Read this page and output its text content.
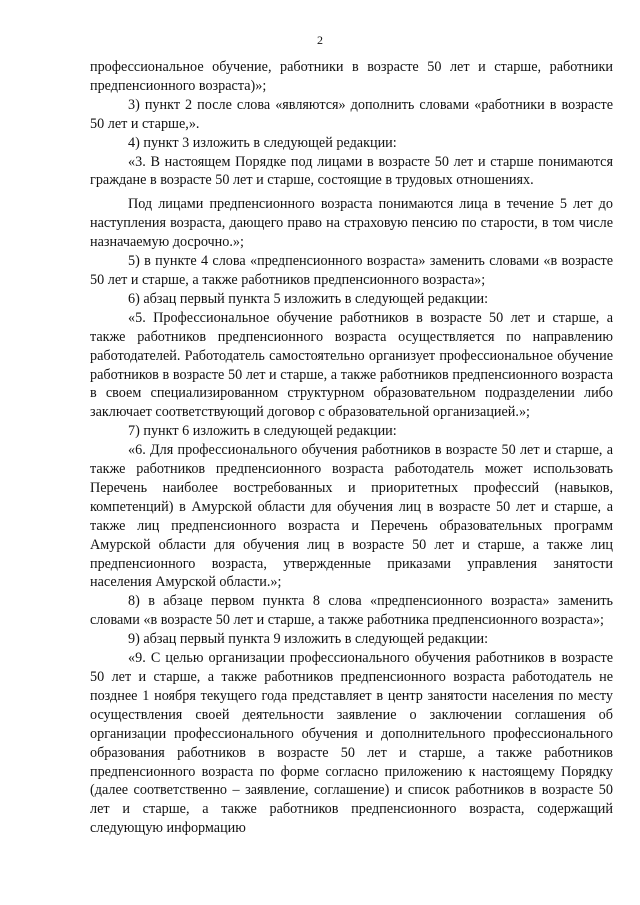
2

профессиональное обучение, работники в возрасте 50 лет и старше, работники предпенсионного возраста)»;

3) пункт 2 после слова «являются» дополнить словами «работники в возрасте 50 лет и старше,».

4) пункт 3 изложить в следующей редакции:

«3. В настоящем Порядке под лицами в возрасте 50 лет и старше понимаются граждане в возрасте 50 лет и старше, состоящие в трудовых отношениях.

Под лицами предпенсионного возраста понимаются лица в течение 5 лет до наступления возраста, дающего право на страховую пенсию по старости, в том числе назначаемую досрочно.»;

5) в пункте 4 слова «предпенсионного возраста» заменить словами «в возрасте 50 лет и старше, а также работников предпенсионного возраста»;

6) абзац первый пункта 5 изложить в следующей редакции:

«5. Профессиональное обучение работников в возрасте 50 лет и старше, а также работников предпенсионного возраста осуществляется по направлению работодателей. Работодатель самостоятельно организует профессиональное обучение работников в возрасте 50 лет и старше, а также работников предпенсионного возраста в своем специализированном структурном образовательном подразделении либо заключает соответствующий договор с образовательной организацией.»;

7) пункт 6 изложить в следующей редакции:

«6. Для профессионального обучения работников в возрасте 50 лет и старше, а также работников предпенсионного возраста работодатель может использовать Перечень наиболее востребованных и приоритетных профессий (навыков, компетенций) в Амурской области для обучения лиц в возрасте 50 лет и старше, а также лиц предпенсионного возраста и Перечень образовательных программ Амурской области для обучения лиц в возрасте 50 лет и старше, а также лиц предпенсионного возраста, утвержденные приказами управления занятости населения Амурской области.»;

8) в абзаце первом пункта 8 слова «предпенсионного возраста» заменить словами «в возрасте 50 лет и старше, а также работника предпенсионного возраста»;

9) абзац первый пункта 9 изложить в следующей редакции:

«9. С целью организации профессионального обучения работников в возрасте 50 лет и старше, а также работников предпенсионного возраста работодатель не позднее 1 ноября текущего года представляет в центр занятости населения по месту осуществления своей деятельности заявление о заключении соглашения об организации профессионального обучения и дополнительного профессионального образования работников в возрасте 50 лет и старше, а также работников предпенсионного возраста по форме согласно приложению к настоящему Порядку (далее соответственно – заявление, соглашение) и список работников в возрасте 50 лет и старше, а также работников предпенсионного возраста, содержащий следующую информацию
